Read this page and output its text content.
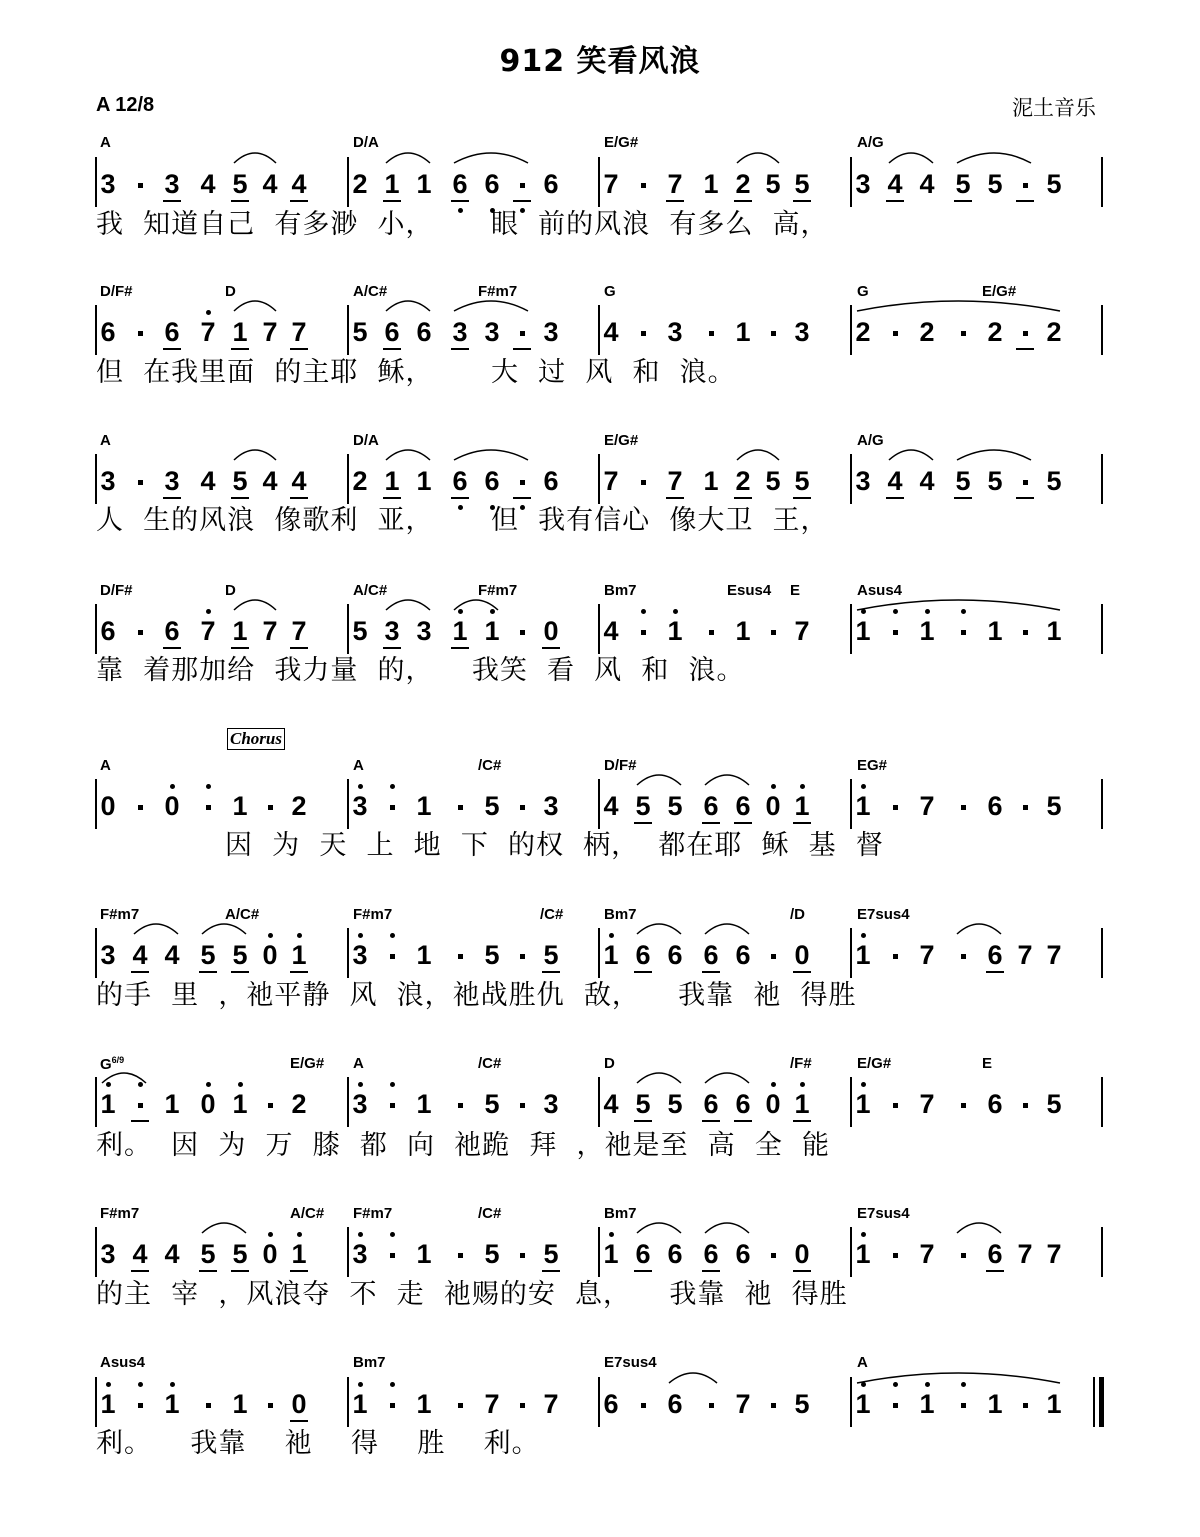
912 笑看风浪
A 12/8	泥土音乐
Chorus
A	D/A	E/G#	A/G
3 3 4 5 4 4 2 1 1 6 6 6 7 7 1 2 5 5 3 4 4 5 5 5
我  知道自己  有多渺  小，      眼  前的风浪  有多么  高，
D/F#	D	A/C#	F#m7	G	G	E/G#
6 6 7 1 7 7 5 6 6 3 3 3 4 3 1 3 2 2 2 2
但  在我里面  的主耶  稣，      大  过  风  和  浪。
A	D/A	E/G#	A/G
3 3 4 5 4 4 2 1 1 6 6 6 7 7 1 2 5 5 3 4 4 5 5 5
人  生的风浪  像歌利  亚，      但  我有信心  像大卫  王，
D/F#	D	A/C#	F#m7	Bm7	Esus4 E	Asus4
6 6 7 1 7 7 5 3 3 1 1 0 4 1 1 7 1 1 1 1
靠  着那加给  我力量  的，    我笑  看  风  和  浪。
A	A	/C#	D/F#	EG#
0 0 1 2 3 1 5 3 4 5 5 6 6 0 1 1 7 6 5
因  为  天  上  地  下  的权  柄，  都在耶  稣  基  督
F#m7	A/C#	F#m7	/C#	Bm7	/D	E7sus4
3 4 4 5 5 0 1 3 1 5 5 1 6 6 6 6 0 1 7 6 7 7
的手  里  ，祂平静  风  浪，祂战胜仇  敌，    我靠  祂  得胜
$G^{6/9}$	E/G# A	/C#	D	/F#	E/G#	E
1 1 0 1 2 3 1 5 3 4 5 5 6 6 0 1 1 7 6 5
利。  因  为  万  膝  都  向  祂跪  拜  ，祂是至  高  全  能
F#m7	A/C# F#m7	/C#	Bm7	E7sus4
3 4 4 5 5 0 1 3 1 5 5 1 6 6 6 6 0 1 7 6 7 7
的主  宰  ，风浪夺  不  走  祂赐的安  息，    我靠  祂  得胜
Asus4	Bm7	E7sus4	A
1 1 1 0 1 1 7 7 6 6 7 5 1 1 1 1
利。    我靠    祂    得    胜    利。
